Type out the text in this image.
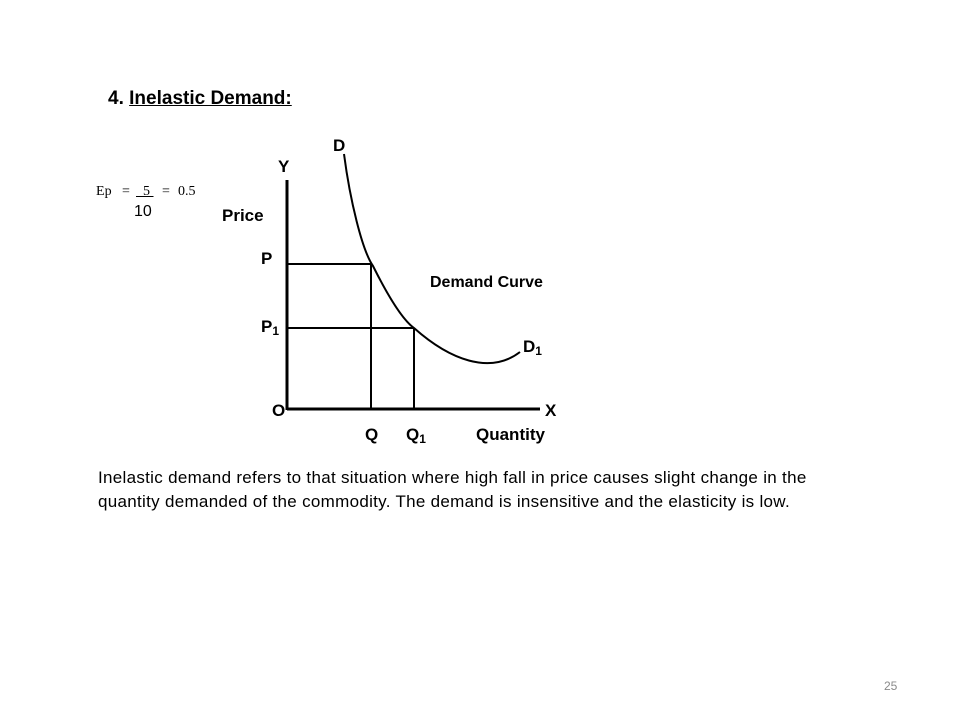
4. Inelastic Demand:
Ep = 5 = 0.5
10
D
Y
Price
P
Demand Curve
P1
D1
O	X
Q Q1	Quantity

Inelastic demand refers to that situation where high fall in price causes slight change in the quantity demanded of the commodity. The demand is insensitive and the elasticity is low.

25
